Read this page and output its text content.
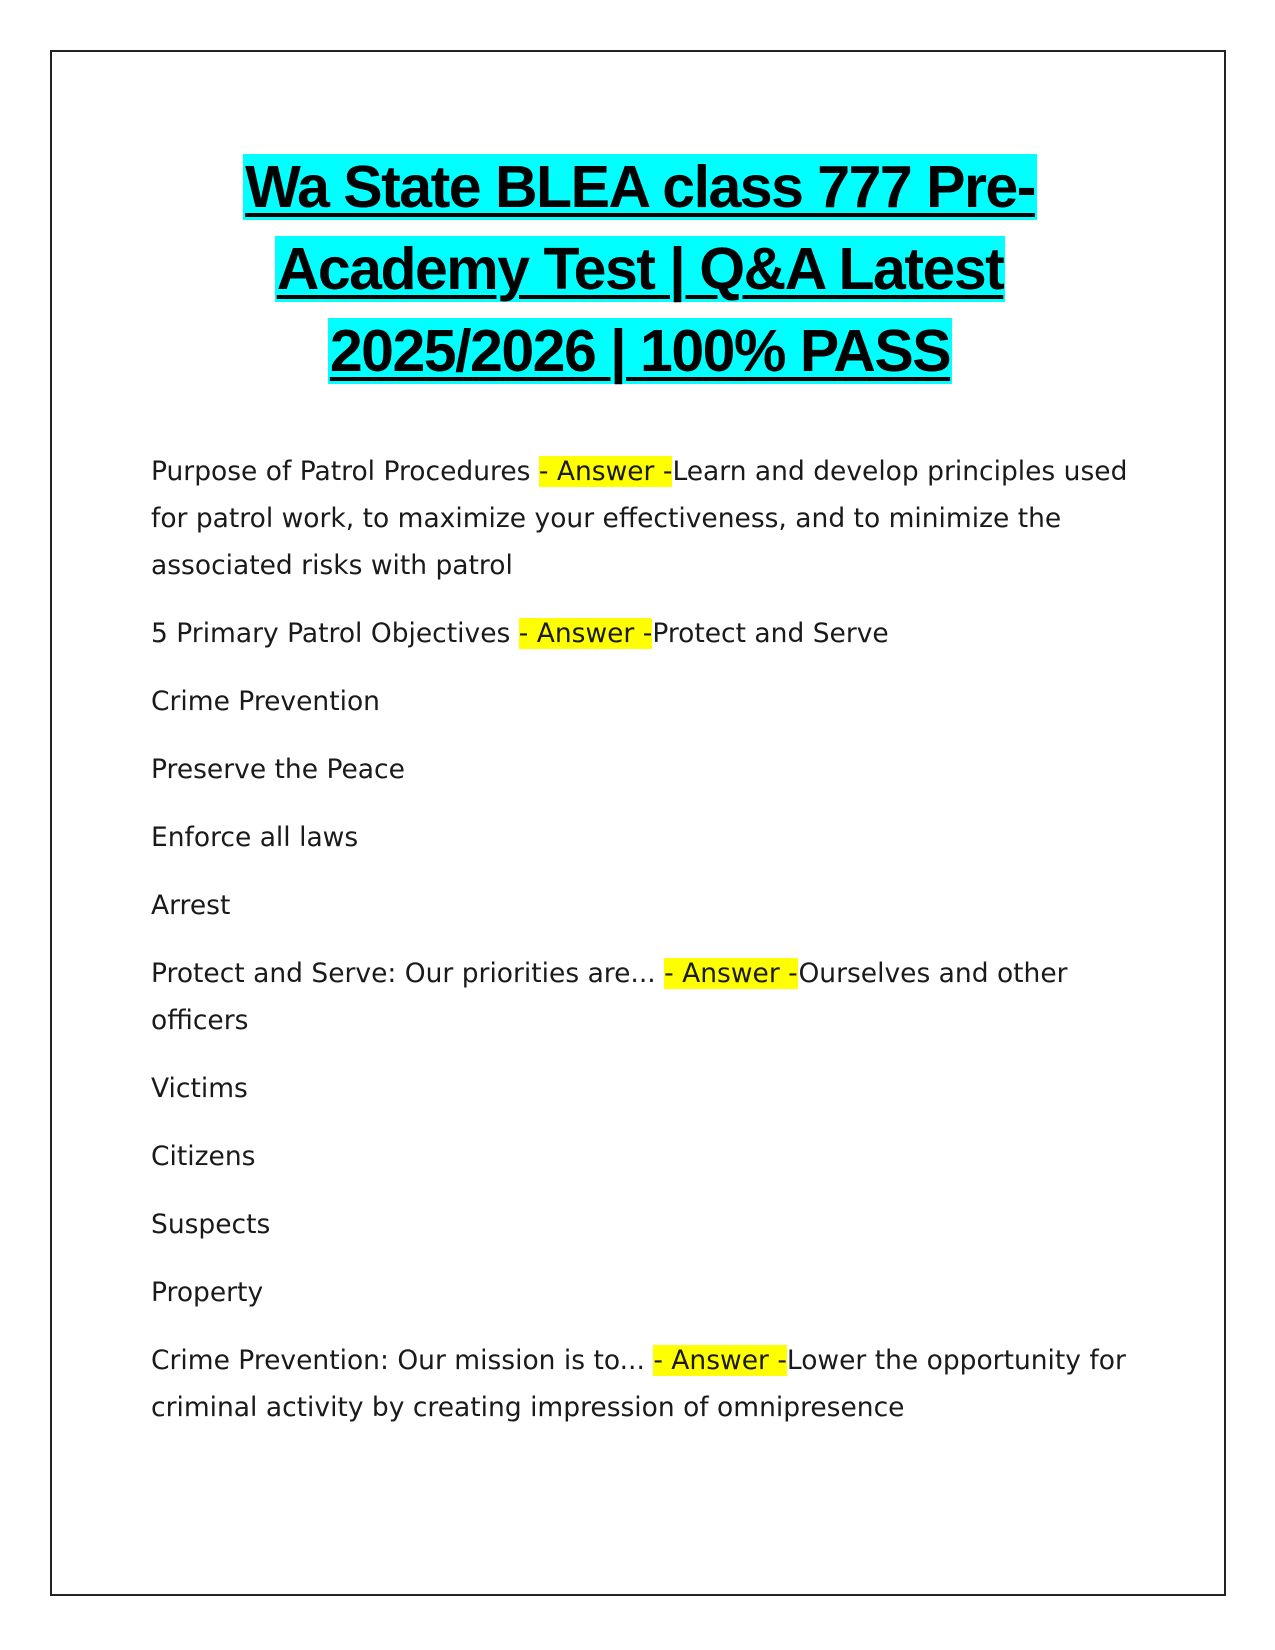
Wa State BLEA class 777 Pre-
Academy Test | Q&A Latest
2025/2026 | 100% PASS

Purpose of Patrol Procedures - Answer -Learn and develop principles used for patrol work, to maximize your effectiveness, and to minimize the associated risks with patrol

5 Primary Patrol Objectives - Answer -Protect and Serve

Crime Prevention

Preserve the Peace

Enforce all laws

Arrest

Protect and Serve: Our priorities are... - Answer -Ourselves and other officers

Victims

Citizens

Suspects

Property

Crime Prevention: Our mission is to... - Answer -Lower the opportunity for criminal activity by creating impression of omnipresence
